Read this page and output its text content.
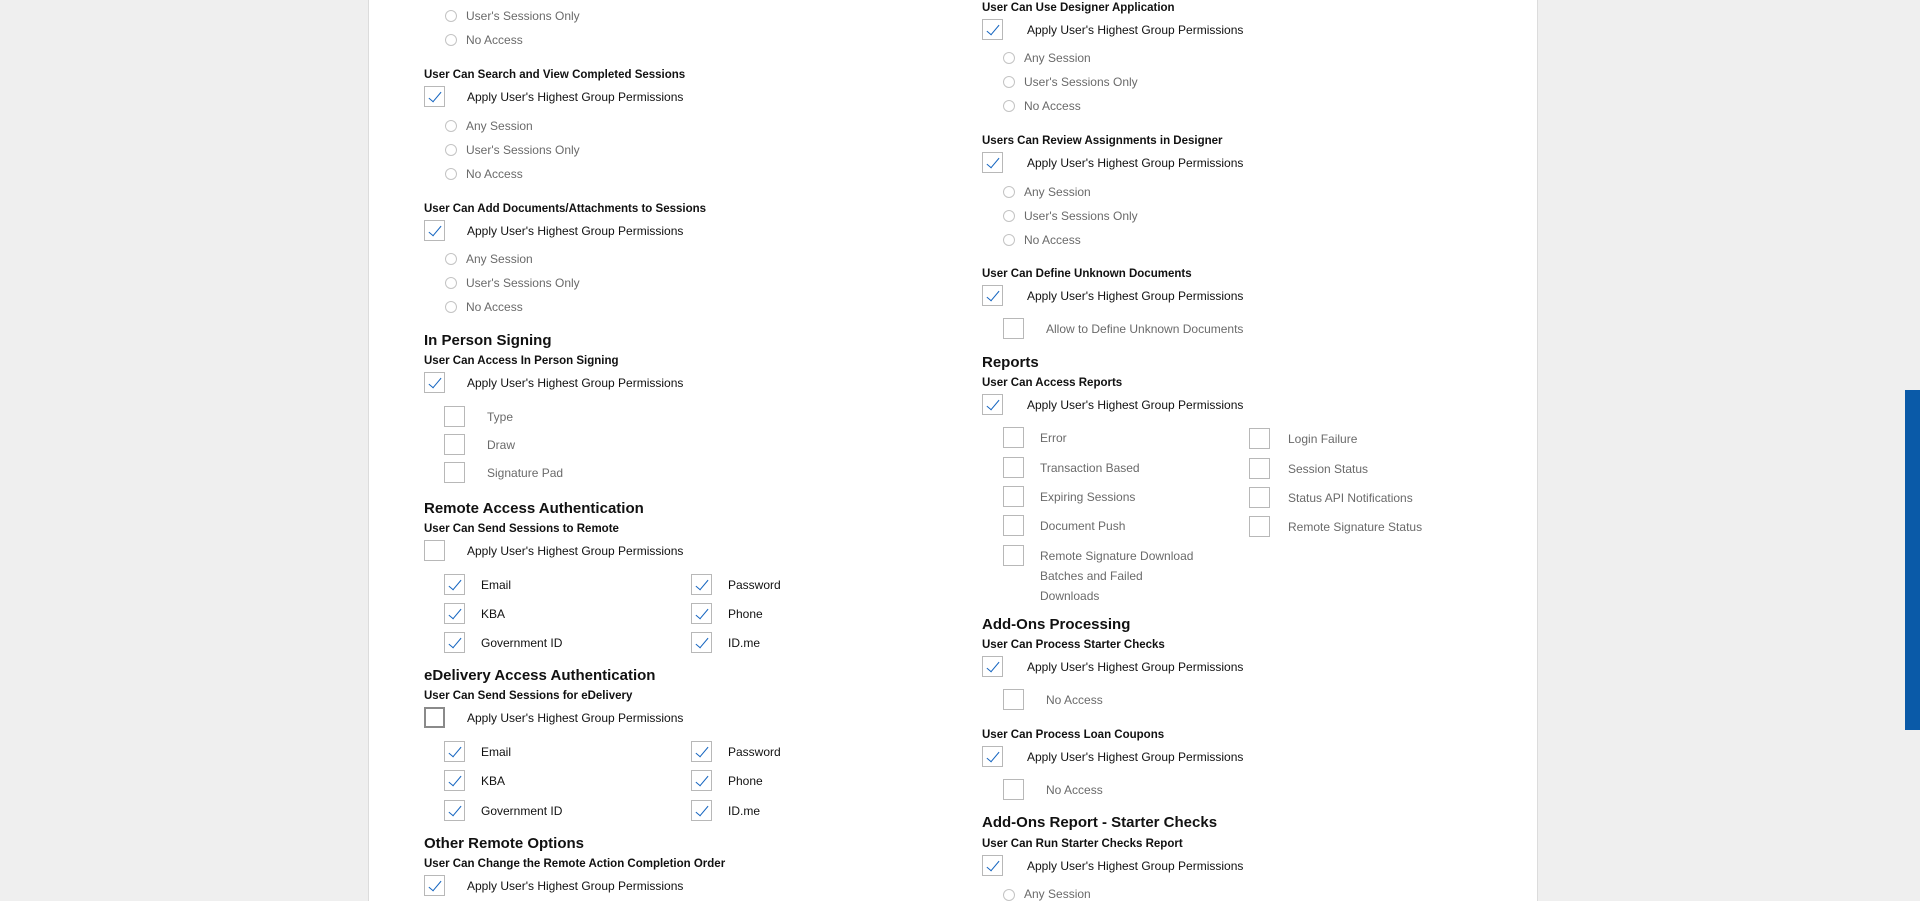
User's Sessions Only
No Access
User Can Search and View Completed Sessions
Apply User's Highest Group Permissions
Any Session
User's Sessions Only
No Access
User Can Add Documents/Attachments to Sessions
Apply User's Highest Group Permissions
Any Session
User's Sessions Only
No Access
In Person Signing
User Can Access In Person Signing
Apply User's Highest Group Permissions
Type
Draw
Signature Pad
Remote Access Authentication
User Can Send Sessions to Remote
Apply User's Highest Group Permissions
Email
KBA
Government ID
Password
Phone
ID.me
eDelivery Access Authentication
User Can Send Sessions for eDelivery
Apply User's Highest Group Permissions
Email
KBA
Government ID
Password
Phone
ID.me
Other Remote Options
User Can Change the Remote Action Completion Order
Apply User's Highest Group Permissions
User Can Use Designer Application
Apply User's Highest Group Permissions
Any Session
User's Sessions Only
No Access
Users Can Review Assignments in Designer
Apply User's Highest Group Permissions
Any Session
User's Sessions Only
No Access
User Can Define Unknown Documents
Apply User's Highest Group Permissions
Allow to Define Unknown Documents
Reports
User Can Access Reports
Apply User's Highest Group Permissions
Error
Transaction Based
Expiring Sessions
Document Push
Remote Signature Download
Batches and Failed
Downloads
Login Failure
Session Status
Status API Notifications
Remote Signature Status
Add-Ons Processing
User Can Process Starter Checks
Apply User's Highest Group Permissions
No Access
User Can Process Loan Coupons
Apply User's Highest Group Permissions
No Access
Add-Ons Report - Starter Checks
User Can Run Starter Checks Report
Apply User's Highest Group Permissions
Any Session
